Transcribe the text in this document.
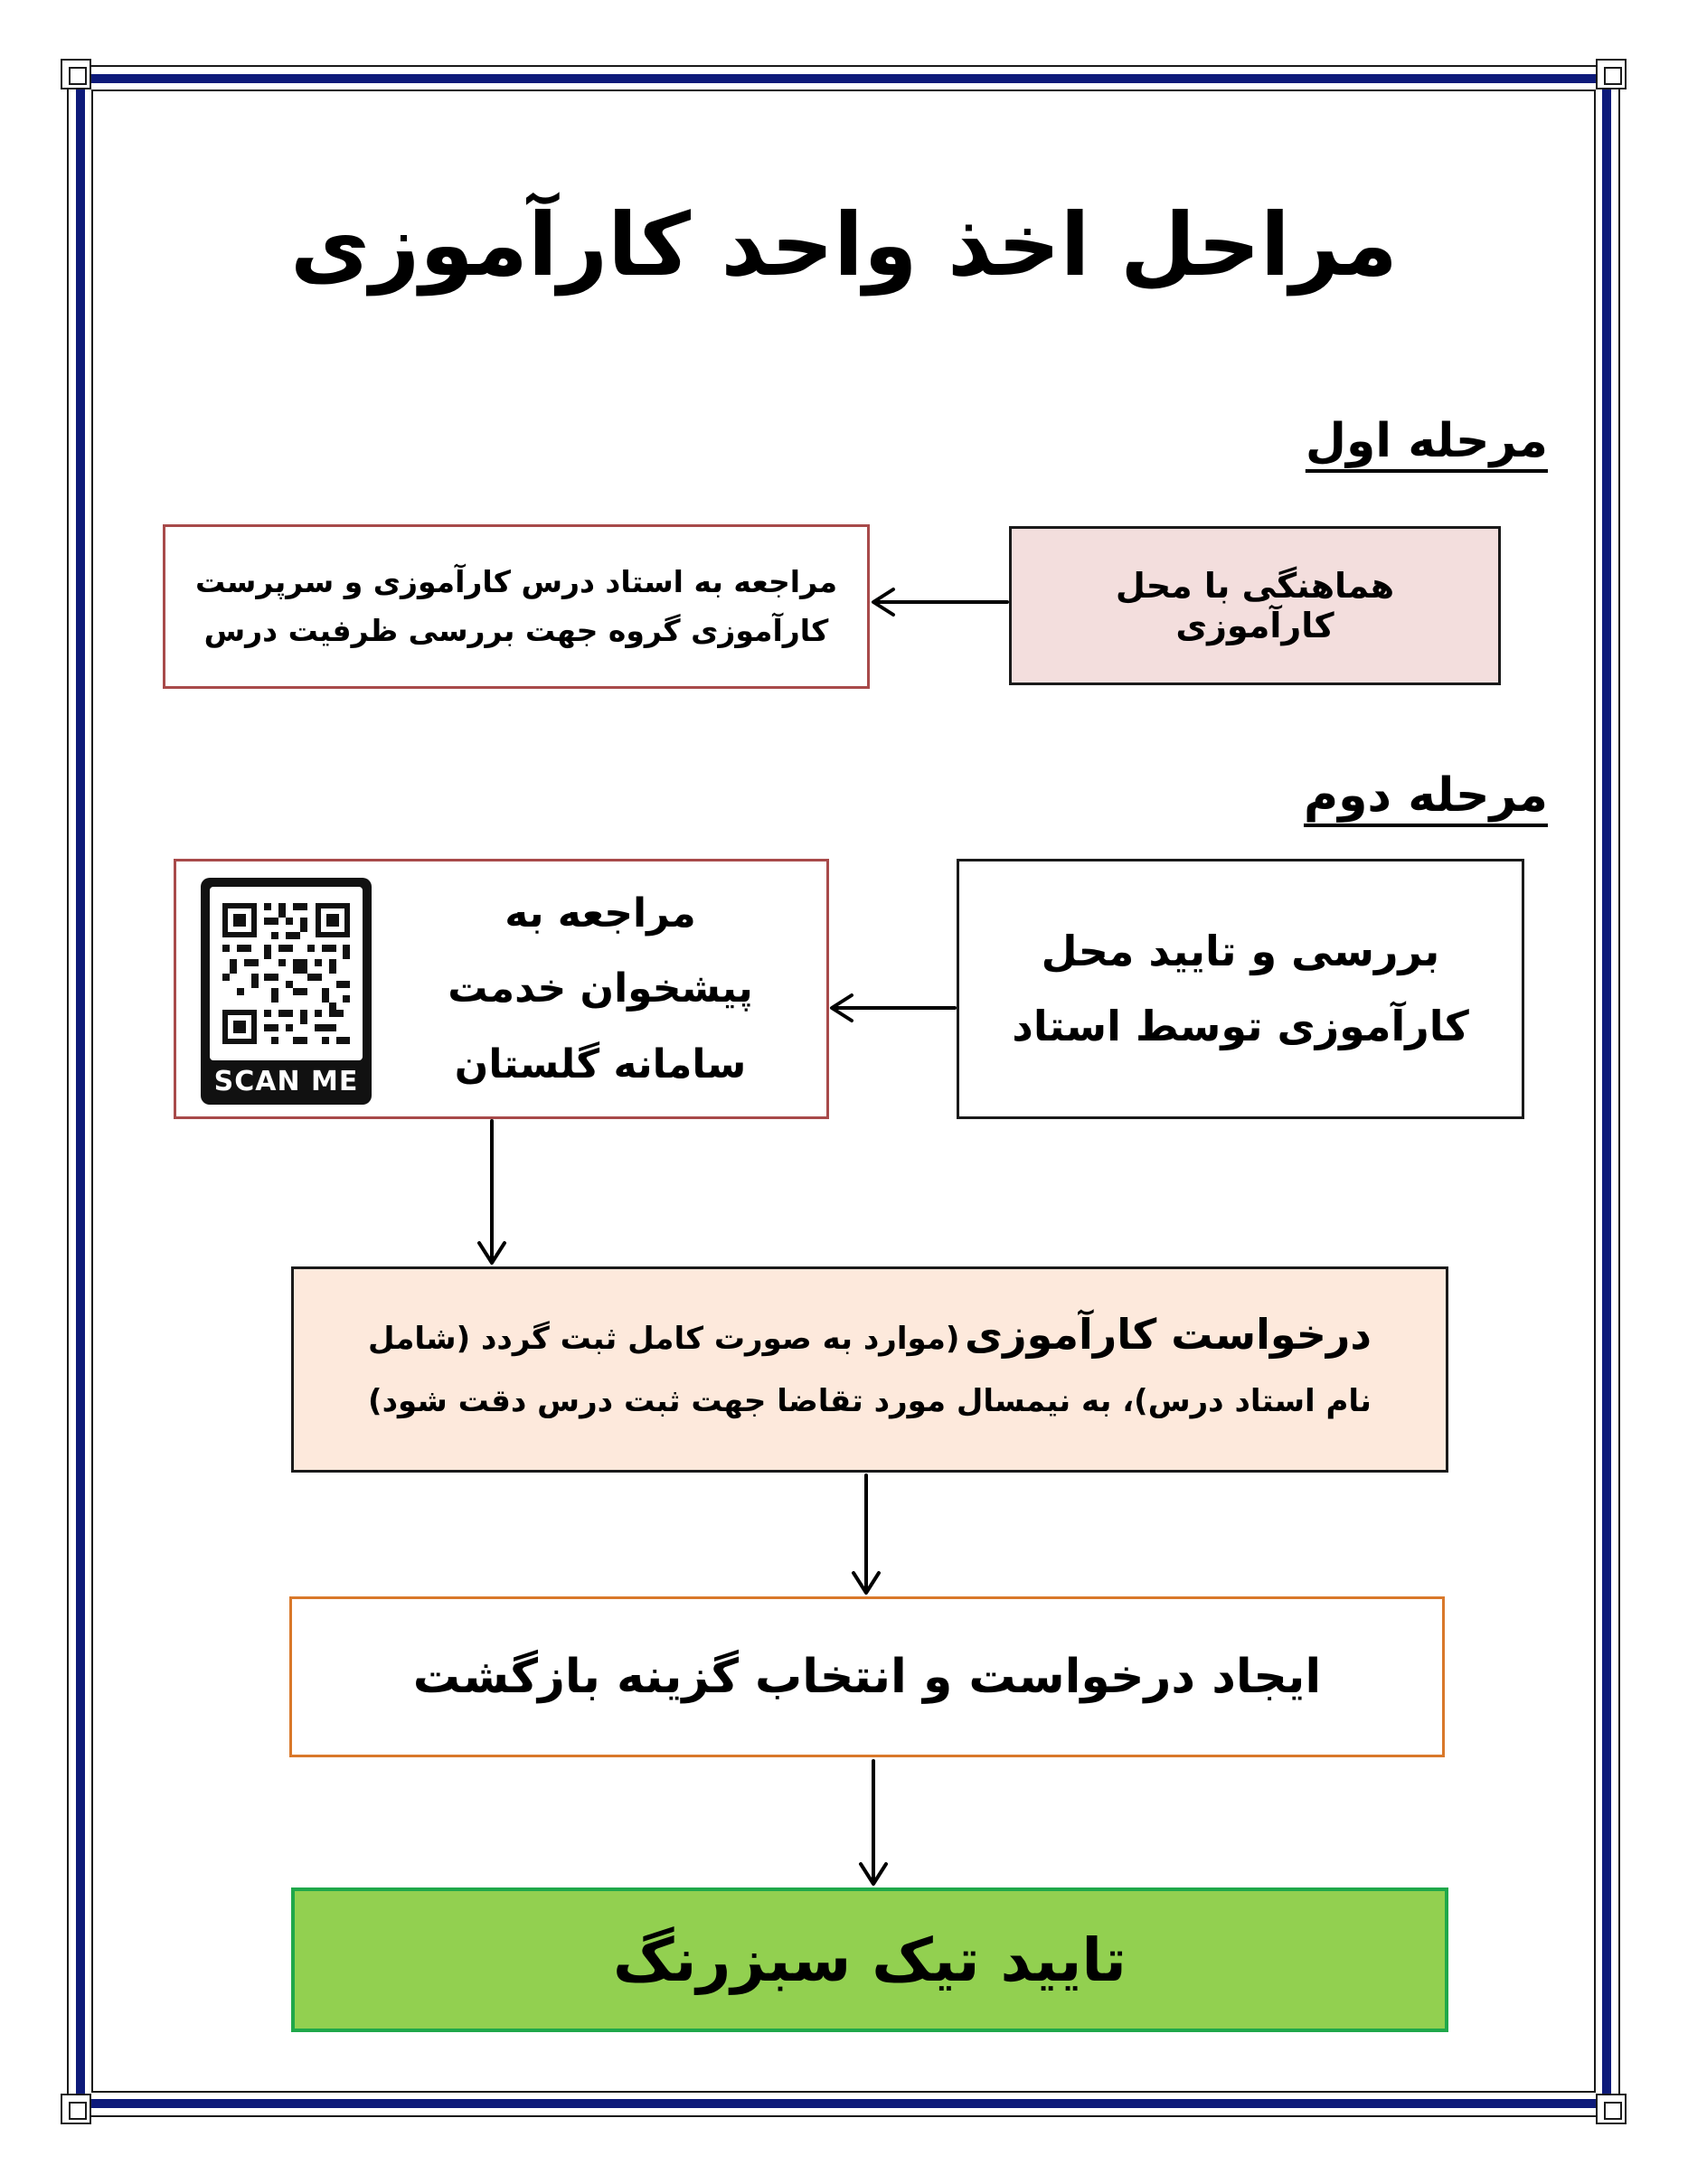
مراحل اخذ واحد کارآموزی
مرحله اول
هماهنگی با محل کارآموزی
مراجعه به استاد درس کارآموزی و سرپرست کارآموزی گروه جهت بررسی ظرفیت درس
مرحله دوم
بررسی و تایید محل کارآموزی توسط استاد
مراجعه به پیشخوان خدمت سامانه گلستان
SCAN ME
درخواست کارآموزی (موارد به صورت کامل ثبت گردد (شامل نام استاد درس)، به نیمسال مورد تقاضا جهت ثبت درس دقت شود)
ایجاد درخواست و انتخاب گزینه بازگشت
تایید تیک سبزرنگ
